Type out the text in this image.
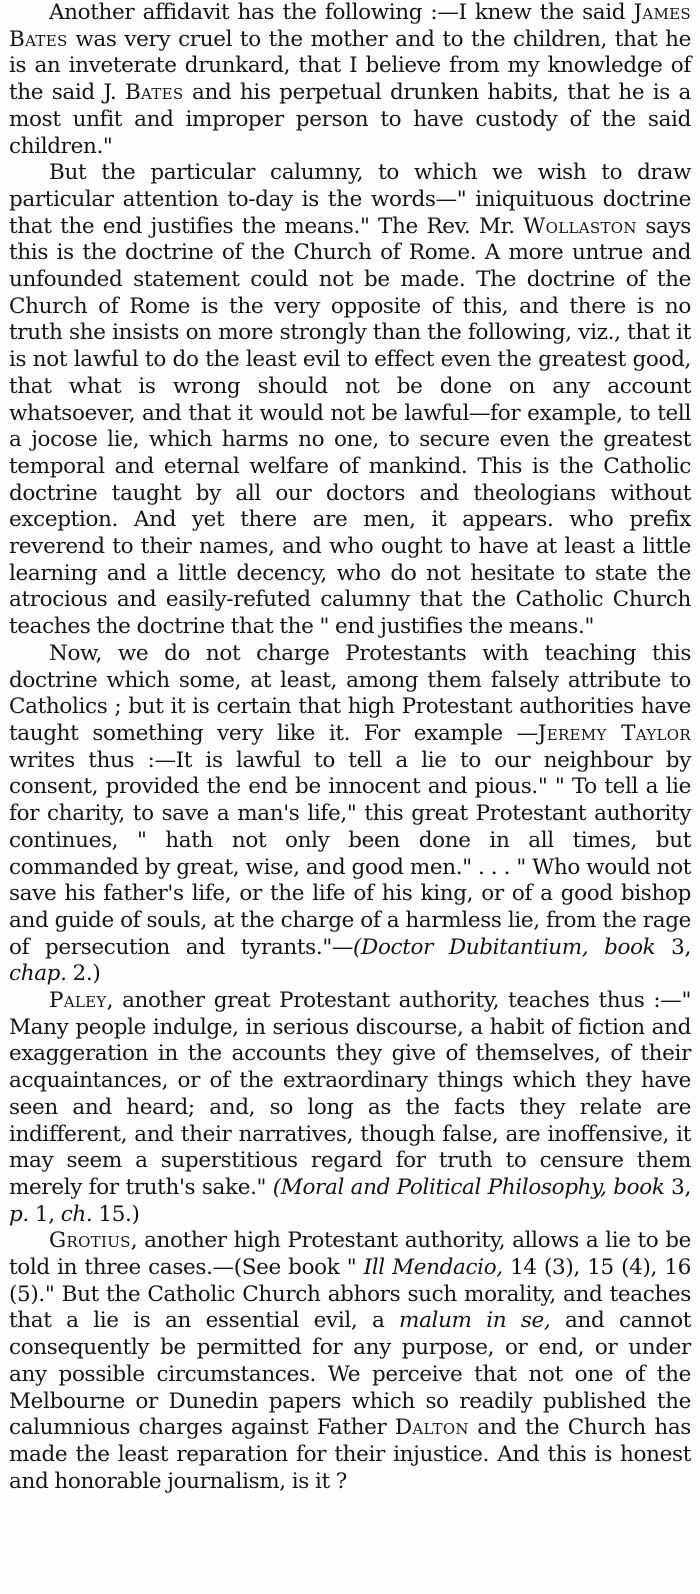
Another affidavit has the following :—I knew the said James Bates was very cruel to the mother and to the children, that he is an inveterate drunkard, that I believe from my knowledge of the said J. Bates and his perpetual drunken habits, that he is a most unfit and improper person to have custody of the said children."

But the particular calumny, to which we wish to draw particular attention to-day is the words—" iniquituous doctrine that the end justifies the means." The Rev. Mr. Wollaston says this is the doctrine of the Church of Rome. A more untrue and unfounded statement could not be made. The doctrine of the Church of Rome is the very opposite of this, and there is no truth she insists on more strongly than the following, viz., that it is not lawful to do the least evil to effect even the greatest good, that what is wrong should not be done on any account whatsoever, and that it would not be lawful—for example, to tell a jocose lie, which harms no one, to secure even the greatest temporal and eternal welfare of mankind. This is the Catholic doctrine taught by all our doctors and theologians without exception. And yet there are men, it appears. who prefix reverend to their names, and who ought to have at least a little learning and a little decency, who do not hesitate to state the atrocious and easily-refuted calumny that the Catholic Church teaches the doctrine that the " end justifies the means."

Now, we do not charge Protestants with teaching this doctrine which some, at least, among them falsely attribute to Catholics ; but it is certain that high Protestant authorities have taught something very like it. For example —Jeremy Taylor writes thus :—It is lawful to tell a lie to our neighbour by consent, provided the end be innocent and pious." " To tell a lie for charity, to save a man's life," this great Protestant authority continues, " hath not only been done in all times, but commanded by great, wise, and good men." . . . " Who would not save his father's life, or the life of his king, or of a good bishop and guide of souls, at the charge of a harmless lie, from the rage of persecution and tyrants."—(Doctor Dubitantium, book 3, chap. 2.)

Paley, another great Protestant authority, teaches thus :—" Many people indulge, in serious discourse, a habit of fiction and exaggeration in the accounts they give of themselves, of their acquaintances, or of the extraordinary things which they have seen and heard; and, so long as the facts they relate are indifferent, and their narratives, though false, are inoffensive, it may seem a superstitious regard for truth to censure them merely for truth's sake." (Moral and Political Philosophy, book 3, p. 1, ch. 15.)

Grotius, another high Protestant authority, allows a lie to be told in three cases.—(See book " Ill Mendacio, 14 (3), 15 (4), 16 (5)." But the Catholic Church abhors such morality, and teaches that a lie is an essential evil, a malum in se, and cannot consequently be permitted for any purpose, or end, or under any possible circumstances. We perceive that not one of the Melbourne or Dunedin papers which so readily published the calumnious charges against Father Dalton and the Church has made the least reparation for their injustice. And this is honest and honorable journalism, is it ?
